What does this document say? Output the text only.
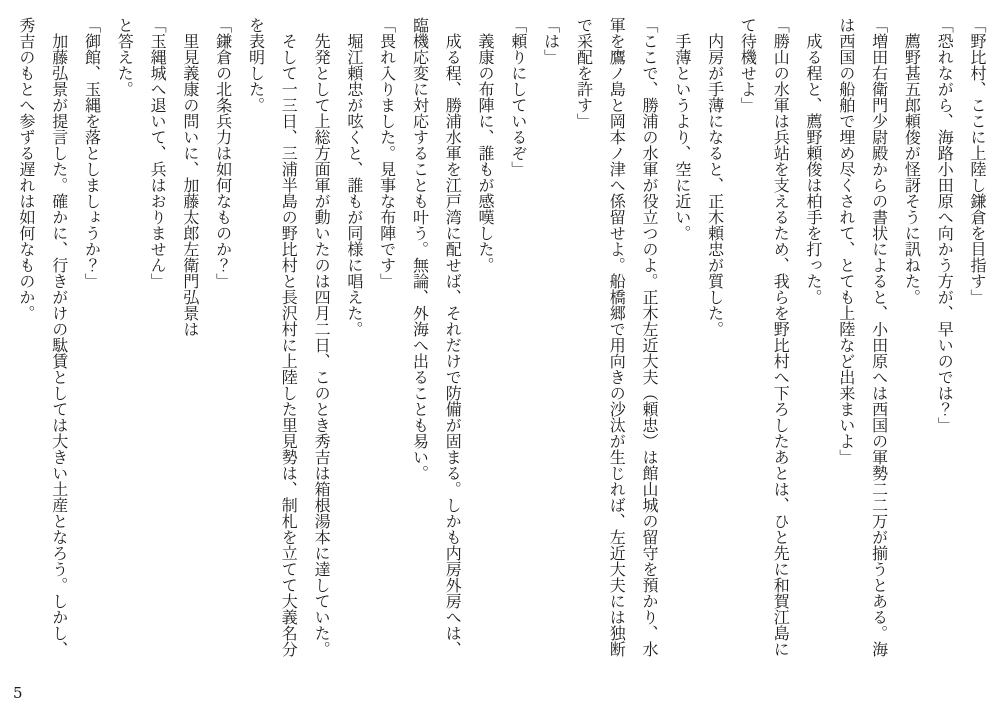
「野比村、ここに上陸し鎌倉を目指す」

「恐れながら、海路小田原へ向かう方が、早いのでは？」

薦野甚五郎頼俊が怪訝そうに訊ねた。

「増田右衛門少尉殿からの書状によると、小田原へは西国の軍勢二二万が揃うとある。海

は西国の船舶で埋め尽くされて、とても上陸など出来まいよ」

成る程と、薦野頼俊は柏手を打った。

「勝山の水軍は兵站を支えるため、我らを野比村へ下ろしたあとは、ひと先に和賀江島に

て待機せよ」

内房が手薄になると、正木頼忠が質した。

手薄というより、空に近い。

「ここで、勝浦の水軍が役立つのよ。正木左近大夫（頼忠）は館山城の留守を預かり、水

軍を鷹ノ島と岡本ノ津へ係留せよ。船橋郷で用向きの沙汰が生じれば、左近大夫には独断

で采配を許す」

「は」

「頼りにしているぞ」

義康の布陣に、誰もが感嘆した。

成る程、勝浦水軍を江戸湾に配せば、それだけで防備が固まる。しかも内房外房へは、

臨機応変に対応することも叶う。無論、外海へ出ることも易い。

「畏れ入りました。見事な布陣です」

堀江頼忠が呟くと、誰もが同様に唱えた。

先発として上総方面軍が動いたのは四月二日、このとき秀吉は箱根湯本に達していた。

そして一三日、三浦半島の野比村と長沢村に上陸した里見勢は、制札を立てて大義名分

を表明した。

「鎌倉の北条兵力は如何なものか？」

里見義康の問いに、加藤太郎左衛門弘景は

「玉縄城へ退いて、兵はおりません」

と答えた。

「御館、玉縄を落としましょうか？」

加藤弘景が提言した。確かに、行きがけの駄賃としては大きい土産となろう。しかし、

秀吉のもとへ参ずる遅れは如何なものか。

5
